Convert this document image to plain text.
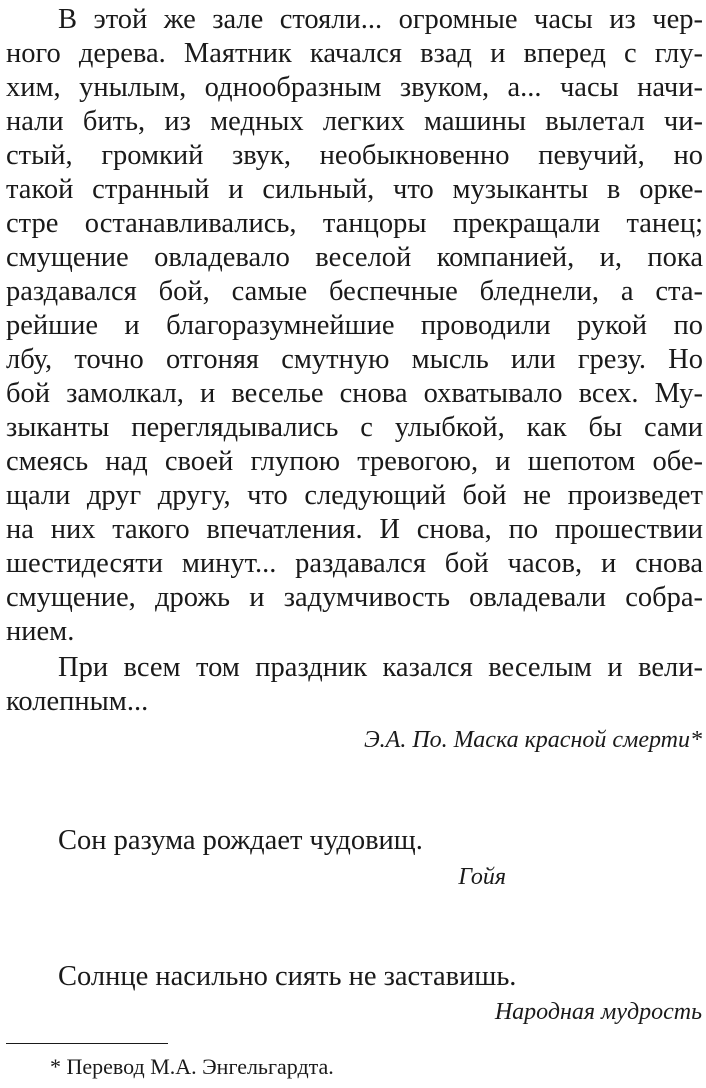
В этой же зале стояли... огромные часы из чер-
ного дерева. Маятник качался взад и вперед с глу-
хим, унылым, однообразным звуком, а... часы начи-
нали бить, из медных легких машины вылетал чи-
стый, громкий звук, необыкновенно певучий, но
такой странный и сильный, что музыканты в орке-
стре останавливались, танцоры прекращали танец;
смущение овладевало веселой компанией, и, пока
раздавался бой, самые беспечные бледнели, а ста-
рейшие и благоразумнейшие проводили рукой по
лбу, точно отгоняя смутную мысль или грезу. Но
бой замолкал, и веселье снова охватывало всех. Му-
зыканты переглядывались с улыбкой, как бы сами
смеясь над своей глупою тревогою, и шепотом обе-
щали друг другу, что следующий бой не произведет
на них такого впечатления. И снова, по прошествии
шестидесяти минут... раздавался бой часов, и снова
смущение, дрожь и задумчивость овладевали собра-
нием.
При всем том праздник казался веселым и вели-
колепным...
Э.А. По. Маска красной смерти*
Сон разума рождает чудовищ.
Гойя
Солнце насильно сиять не заставишь.
Народная мудрость
* Перевод М.А. Энгельгардта.
